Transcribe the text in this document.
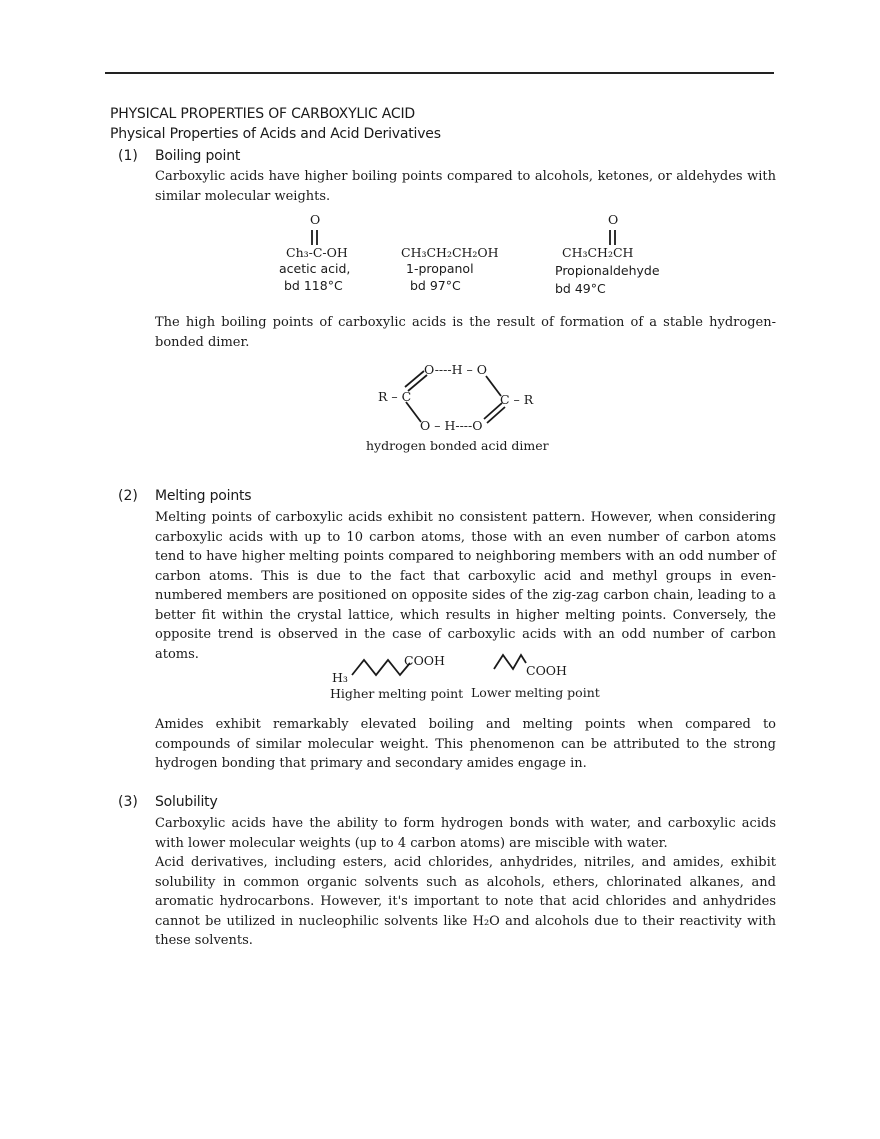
PHYSICAL PROPERTIES OF CARBOXYLIC ACID
Physical Properties of Acids and Acid Derivatives
(1) Boiling point
Carboxylic acids have higher boiling points compared to alcohols, ketones, or aldehydes with similar molecular weights.
O
Ch₃-C-OH
acetic acid,
bd 118°C
CH₃CH₂CH₂OH
1-propanol
bd 97°C
O
CH₃CH₂CH
Propionaldehyde
bd 49°C
The high boiling points of carboxylic acids is the result of formation of a stable hydrogen-bonded dimer.
O----H – O
R – C	C – R
O – H----O
hydrogen bonded acid dimer
(2) Melting points
Melting points of carboxylic acids exhibit no consistent pattern. However, when considering carboxylic acids with up to 10 carbon atoms, those with an even number of carbon atoms tend to have higher melting points compared to neighboring members with an odd number of carbon atoms. This is due to the fact that carboxylic acid and methyl groups in even-numbered members are positioned on opposite sides of the zig-zag carbon chain, leading to a better fit within the crystal lattice, which results in higher melting points. Conversely, the opposite trend is observed in the case of carboxylic acids with an odd number of carbon atoms.
H₃
COOH
Higher melting point
COOH
Lower melting point
Amides exhibit remarkably elevated boiling and melting points when compared to compounds of similar molecular weight. This phenomenon can be attributed to the strong hydrogen bonding that primary and secondary amides engage in.
(3) Solubility
Carboxylic acids have the ability to form hydrogen bonds with water, and carboxylic acids with lower molecular weights (up to 4 carbon atoms) are miscible with water.
Acid derivatives, including esters, acid chlorides, anhydrides, nitriles, and amides, exhibit solubility in common organic solvents such as alcohols, ethers, chlorinated alkanes, and aromatic hydrocarbons. However, it's important to note that acid chlorides and anhydrides cannot be utilized in nucleophilic solvents like H₂O and alcohols due to their reactivity with these solvents.
